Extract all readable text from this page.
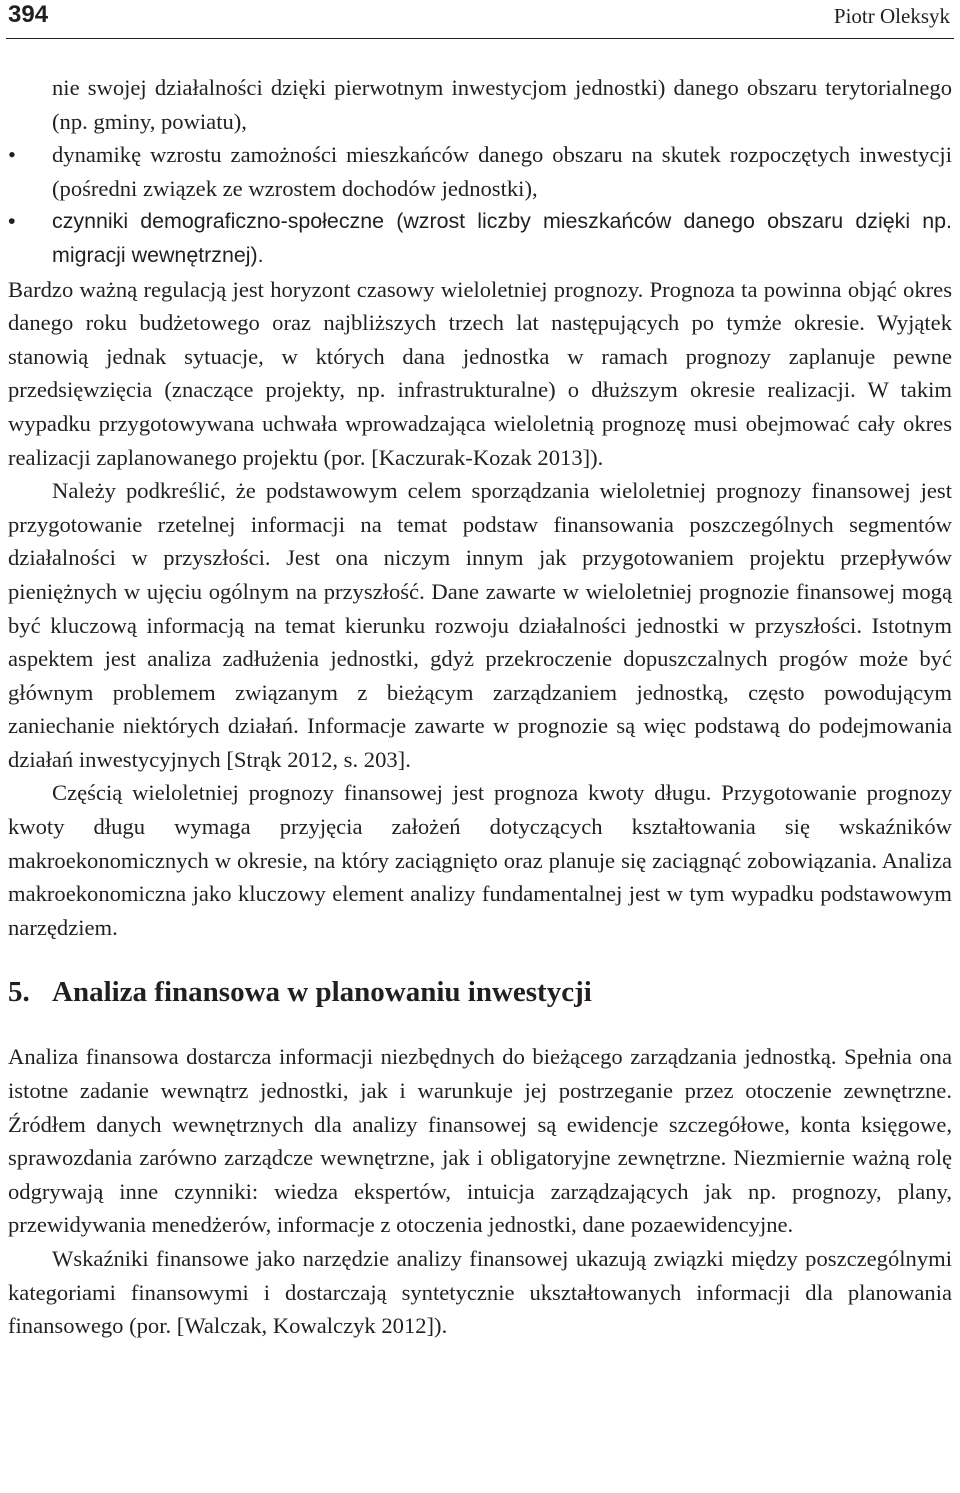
394	Piotr Oleksyk

nie swojej działalności dzięki pierwotnym inwestycjom jednostki) danego obszaru terytorialnego (np. gminy, powiatu),

• dynamikę wzrostu zamożności mieszkańców danego obszaru na skutek rozpoczętych inwestycji (pośredni związek ze wzrostem dochodów jednostki),
• czynniki demograficzno-społeczne (wzrost liczby mieszkańców danego obszaru dzięki np. migracji wewnętrznej).

Bardzo ważną regulacją jest horyzont czasowy wieloletniej prognozy. Prognoza ta powinna objąć okres danego roku budżetowego oraz najbliższych trzech lat następujących po tymże okresie. Wyjątek stanowią jednak sytuacje, w których dana jednostka w ramach prognozy zaplanuje pewne przedsięwzięcia (znaczące projekty, np. infrastrukturalne) o dłuższym okresie realizacji. W takim wypadku przygotowywana uchwała wprowadzająca wieloletnią prognozę musi obejmować cały okres realizacji zaplanowanego projektu (por. [Kaczurak-Kozak 2013]).

Należy podkreślić, że podstawowym celem sporządzania wieloletniej prognozy finansowej jest przygotowanie rzetelnej informacji na temat podstaw finansowania poszczególnych segmentów działalności w przyszłości. Jest ona niczym innym jak przygotowaniem projektu przepływów pieniężnych w ujęciu ogólnym na przyszłość. Dane zawarte w wieloletniej prognozie finansowej mogą być kluczową informacją na temat kierunku rozwoju działalności jednostki w przyszłości. Istotnym aspektem jest analiza zadłużenia jednostki, gdyż przekroczenie dopuszczalnych progów może być głównym problemem związanym z bieżącym zarządzaniem jednostką, często powodującym zaniechanie niektórych działań. Informacje zawarte w prognozie są więc podstawą do podejmowania działań inwestycyjnych [Strąk 2012, s. 203].

Częścią wieloletniej prognozy finansowej jest prognoza kwoty długu. Przygotowanie prognozy kwoty długu wymaga przyjęcia założeń dotyczących kształtowania się wskaźników makroekonomicznych w okresie, na który zaciągnięto oraz planuje się zaciągnąć zobowiązania. Analiza makroekonomiczna jako kluczowy element analizy fundamentalnej jest w tym wypadku podstawowym narzędziem.

5. Analiza finansowa w planowaniu inwestycji

Analiza finansowa dostarcza informacji niezbędnych do bieżącego zarządzania jednostką. Spełnia ona istotne zadanie wewnątrz jednostki, jak i warunkuje jej postrzeganie przez otoczenie zewnętrzne. Źródłem danych wewnętrznych dla analizy finansowej są ewidencje szczegółowe, konta księgowe, sprawozdania zarówno zarządcze wewnętrzne, jak i obligatoryjne zewnętrzne. Niezmiernie ważną rolę odgrywają inne czynniki: wiedza ekspertów, intuicja zarządzających jak np. prognozy, plany, przewidywania menedżerów, informacje z otoczenia jednostki, dane pozaewidencyjne.

Wskaźniki finansowe jako narzędzie analizy finansowej ukazują związki między poszczególnymi kategoriami finansowymi i dostarczają syntetycznie ukształtowanych informacji dla planowania finansowego (por. [Walczak, Kowalczyk 2012]).
